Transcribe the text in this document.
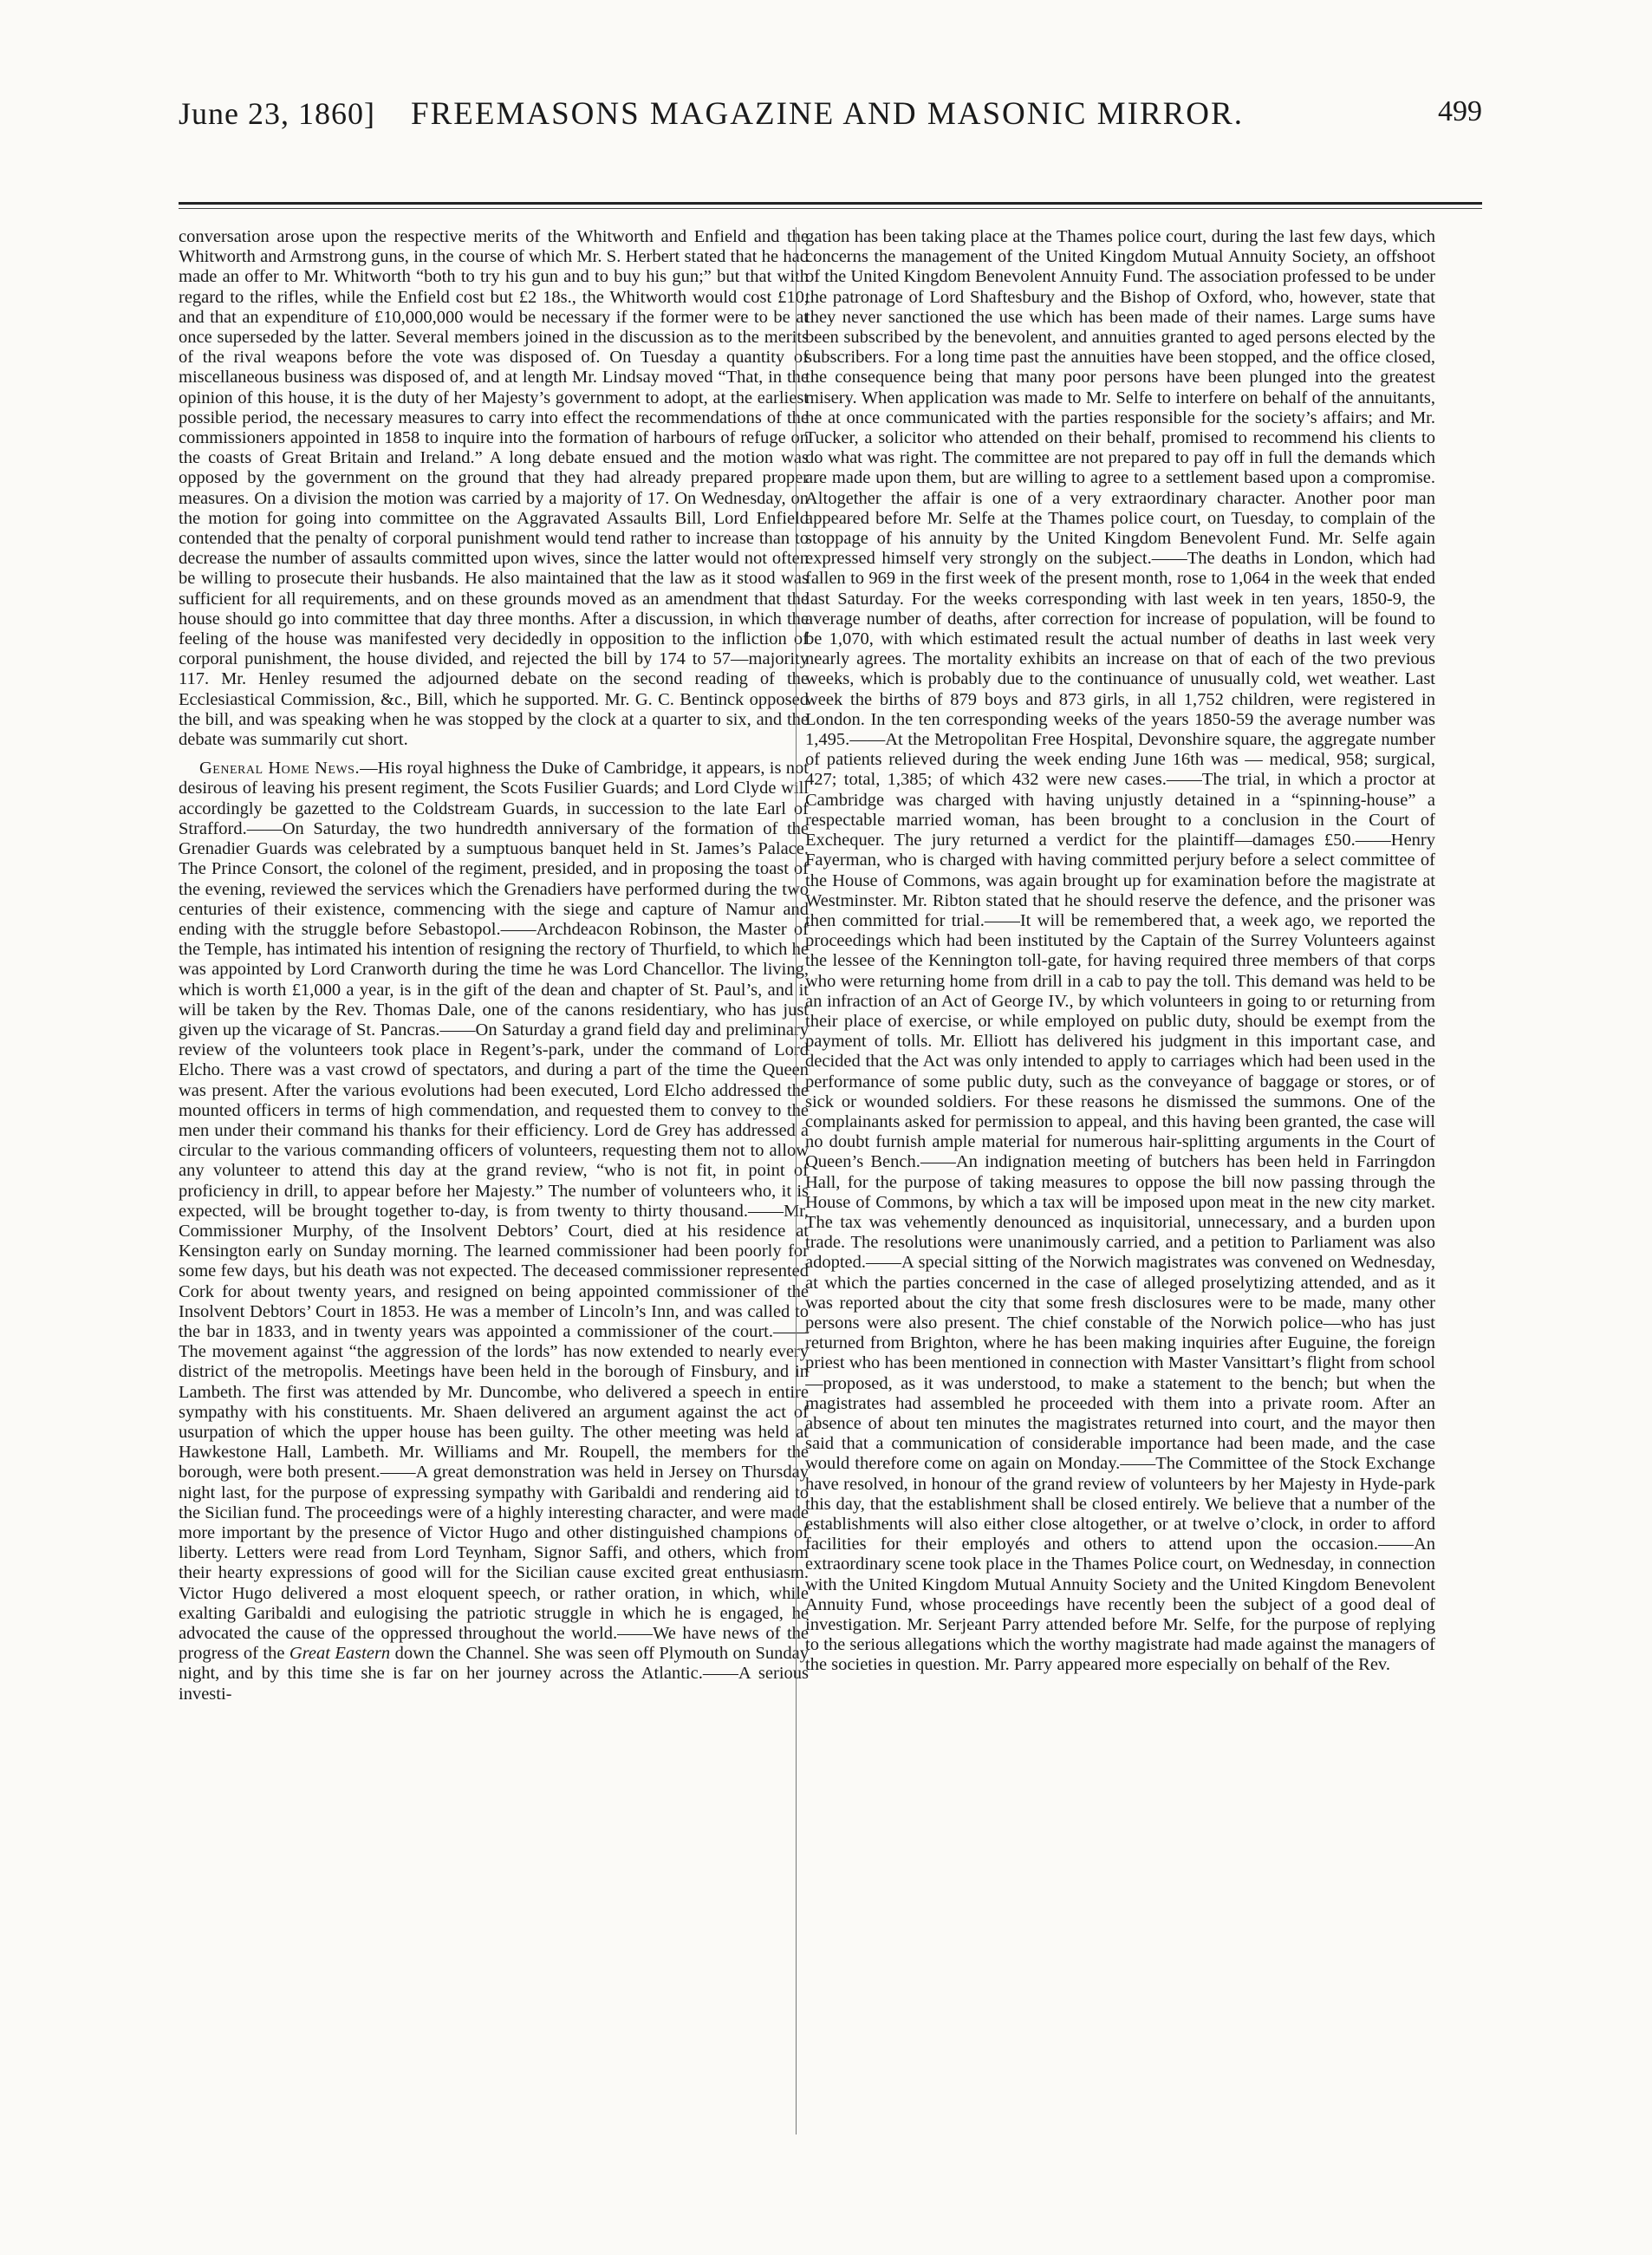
June 23, 1860] FREEMASONS MAGAZINE AND MASONIC MIRROR.	499

conversation arose upon the respective merits of the Whitworth and Enfield and the Whitworth and Armstrong guns, in the course of which Mr. S. Herbert stated that he had made an offer to Mr. Whitworth “both to try his gun and to buy his gun;” but that with regard to the rifles, while the Enfield cost but £2 18s., the Whitworth would cost £10, and that an expenditure of £10,000,000 would be necessary if the former were to be at once superseded by the latter. Several members joined in the discussion as to the merits of the rival weapons before the vote was disposed of. On Tuesday a quantity of miscellaneous business was disposed of, and at length Mr. Lindsay moved “That, in the opinion of this house, it is the duty of her Majesty’s government to adopt, at the earliest possible period, the necessary measures to carry into effect the recommendations of the commissioners appointed in 1858 to inquire into the formation of harbours of refuge on the coasts of Great Britain and Ireland.” A long debate ensued and the motion was opposed by the government on the ground that they had already prepared proper measures. On a division the motion was carried by a majority of 17. On Wednesday, on the motion for going into committee on the Aggravated Assaults Bill, Lord Enfield contended that the penalty of corporal punishment would tend rather to increase than to decrease the number of assaults committed upon wives, since the latter would not often be willing to prosecute their husbands. He also maintained that the law as it stood was sufficient for all requirements, and on these grounds moved as an amendment that the house should go into committee that day three months. After a discussion, in which the feeling of the house was manifested very decidedly in opposition to the infliction of corporal punishment, the house divided, and rejected the bill by 174 to 57—majority 117. Mr. Henley resumed the adjourned debate on the second reading of the Ecclesiastical Commission, &c., Bill, which he supported. Mr. G. C. Bentinck opposed the bill, and was speaking when he was stopped by the clock at a quarter to six, and the debate was summarily cut short.

General Home News.—His royal highness the Duke of Cambridge, it appears, is not desirous of leaving his present regiment, the Scots Fusilier Guards; and Lord Clyde will accordingly be gazetted to the Coldstream Guards, in succession to the late Earl of Strafford.——On Saturday, the two hundredth anniversary of the formation of the Grenadier Guards was celebrated by a sumptuous banquet held in St. James’s Palace. The Prince Consort, the colonel of the regiment, presided, and in proposing the toast of the evening, reviewed the services which the Grenadiers have performed during the two centuries of their existence, commencing with the siege and capture of Namur and ending with the struggle before Sebastopol.——Archdeacon Robinson, the Master of the Temple, has intimated his intention of resigning the rectory of Thurfield, to which he was appointed by Lord Cranworth during the time he was Lord Chancellor. The living, which is worth £1,000 a year, is in the gift of the dean and chapter of St. Paul’s, and it will be taken by the Rev. Thomas Dale, one of the canons residentiary, who has just given up the vicarage of St. Pancras.——On Saturday a grand field day and preliminary review of the volunteers took place in Regent’s-park, under the command of Lord Elcho. There was a vast crowd of spectators, and during a part of the time the Queen was present. After the various evolutions had been executed, Lord Elcho addressed the mounted officers in terms of high commendation, and requested them to convey to the men under their command his thanks for their efficiency. Lord de Grey has addressed a circular to the various commanding officers of volunteers, requesting them not to allow any volunteer to attend this day at the grand review, “who is not fit, in point of proficiency in drill, to appear before her Majesty.” The number of volunteers who, it is expected, will be brought together to-day, is from twenty to thirty thousand.——Mr. Commissioner Murphy, of the Insolvent Debtors’ Court, died at his residence at Kensington early on Sunday morning. The learned commissioner had been poorly for some few days, but his death was not expected. The deceased commissioner represented Cork for about twenty years, and resigned on being appointed commissioner of the Insolvent Debtors’ Court in 1853. He was a member of Lincoln’s Inn, and was called to the bar in 1833, and in twenty years was appointed a commissioner of the court.——The movement against “the aggression of the lords” has now extended to nearly every district of the metropolis. Meetings have been held in the borough of Finsbury, and in Lambeth. The first was attended by Mr. Duncombe, who delivered a speech in entire sympathy with his constituents. Mr. Shaen delivered an argument against the act of usurpation of which the upper house has been guilty. The other meeting was held at Hawkestone Hall, Lambeth. Mr. Williams and Mr. Roupell, the members for the borough, were both present.——A great demonstration was held in Jersey on Thursday night last, for the purpose of expressing sympathy with Garibaldi and rendering aid to the Sicilian fund. The proceedings were of a highly interesting character, and were made more important by the presence of Victor Hugo and other distinguished champions of liberty. Letters were read from Lord Teynham, Signor Saffi, and others, which from their hearty expressions of good will for the Sicilian cause excited great enthusiasm. Victor Hugo delivered a most eloquent speech, or rather oration, in which, while exalting Garibaldi and eulogising the patriotic struggle in which he is engaged, he advocated the cause of the oppressed throughout the world.——We have news of the progress of the Great Eastern down the Channel. She was seen off Plymouth on Sunday night, and by this time she is far on her journey across the Atlantic.——A serious investi-

gation has been taking place at the Thames police court, during the last few days, which concerns the management of the United Kingdom Mutual Annuity Society, an offshoot of the United Kingdom Benevolent Annuity Fund. The association professed to be under the patronage of Lord Shaftesbury and the Bishop of Oxford, who, however, state that they never sanctioned the use which has been made of their names. Large sums have been subscribed by the benevolent, and annuities granted to aged persons elected by the subscribers. For a long time past the annuities have been stopped, and the office closed, the consequence being that many poor persons have been plunged into the greatest misery. When application was made to Mr. Selfe to interfere on behalf of the annuitants, he at once communicated with the parties responsible for the society’s affairs; and Mr. Tucker, a solicitor who attended on their behalf, promised to recommend his clients to do what was right. The committee are not prepared to pay off in full the demands which are made upon them, but are willing to agree to a settlement based upon a compromise. Altogether the affair is one of a very extraordinary character. Another poor man appeared before Mr. Selfe at the Thames police court, on Tuesday, to complain of the stoppage of his annuity by the United Kingdom Benevolent Fund. Mr. Selfe again expressed himself very strongly on the subject.——The deaths in London, which had fallen to 969 in the first week of the present month, rose to 1,064 in the week that ended last Saturday. For the weeks corresponding with last week in ten years, 1850-9, the average number of deaths, after correction for increase of population, will be found to be 1,070, with which estimated result the actual number of deaths in last week very nearly agrees. The mortality exhibits an increase on that of each of the two previous weeks, which is probably due to the continuance of unusually cold, wet weather. Last week the births of 879 boys and 873 girls, in all 1,752 children, were registered in London. In the ten corresponding weeks of the years 1850-59 the average number was 1,495.——At the Metropolitan Free Hospital, Devonshire square, the aggregate number of patients relieved during the week ending June 16th was — medical, 958; surgical, 427; total, 1,385; of which 432 were new cases.——The trial, in which a proctor at Cambridge was charged with having unjustly detained in a “spinning-house” a respectable married woman, has been brought to a conclusion in the Court of Exchequer. The jury returned a verdict for the plaintiff—damages £50.——Henry Fayerman, who is charged with having committed perjury before a select committee of the House of Commons, was again brought up for examination before the magistrate at Westminster. Mr. Ribton stated that he should reserve the defence, and the prisoner was then committed for trial.——It will be remembered that, a week ago, we reported the proceedings which had been instituted by the Captain of the Surrey Volunteers against the lessee of the Kennington toll-gate, for having required three members of that corps who were returning home from drill in a cab to pay the toll. This demand was held to be an infraction of an Act of George IV., by which volunteers in going to or returning from their place of exercise, or while employed on public duty, should be exempt from the payment of tolls. Mr. Elliott has delivered his judgment in this important case, and decided that the Act was only intended to apply to carriages which had been used in the performance of some public duty, such as the conveyance of baggage or stores, or of sick or wounded soldiers. For these reasons he dismissed the summons. One of the complainants asked for permission to appeal, and this having been granted, the case will no doubt furnish ample material for numerous hair-splitting arguments in the Court of Queen’s Bench.——An indignation meeting of butchers has been held in Farringdon Hall, for the purpose of taking measures to oppose the bill now passing through the House of Commons, by which a tax will be imposed upon meat in the new city market. The tax was vehemently denounced as inquisitorial, unnecessary, and a burden upon trade. The resolutions were unanimously carried, and a petition to Parliament was also adopted.——A special sitting of the Norwich magistrates was convened on Wednesday, at which the parties concerned in the case of alleged proselytizing attended, and as it was reported about the city that some fresh disclosures were to be made, many other persons were also present. The chief constable of the Norwich police—who has just returned from Brighton, where he has been making inquiries after Euguine, the foreign priest who has been mentioned in connection with Master Vansittart’s flight from school—proposed, as it was understood, to make a statement to the bench; but when the magistrates had assembled he proceeded with them into a private room. After an absence of about ten minutes the magistrates returned into court, and the mayor then said that a communication of considerable importance had been made, and the case would therefore come on again on Monday.——The Committee of the Stock Exchange have resolved, in honour of the grand review of volunteers by her Majesty in Hyde-park this day, that the establishment shall be closed entirely. We believe that a number of the establishments will also either close altogether, or at twelve o’clock, in order to afford facilities for their employés and others to attend upon the occasion.——An extraordinary scene took place in the Thames Police court, on Wednesday, in connection with the United Kingdom Mutual Annuity Society and the United Kingdom Benevolent Annuity Fund, whose proceedings have recently been the subject of a good deal of investigation. Mr. Serjeant Parry attended before Mr. Selfe, for the purpose of replying to the serious allegations which the worthy magistrate had made against the managers of the societies in question. Mr. Parry appeared more especially on behalf of the Rev.
